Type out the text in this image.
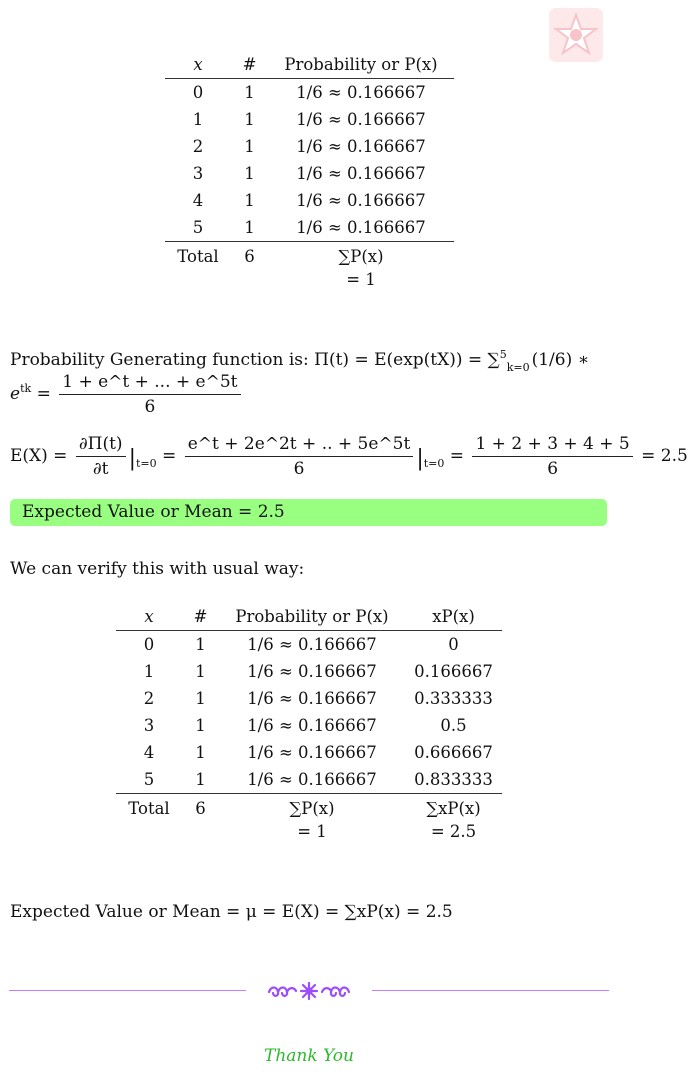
x	#	Probability or P(x)
0	1	1/6 ≈ 0.166667
1	1	1/6 ≈ 0.166667
2	1	1/6 ≈ 0.166667
3	1	1/6 ≈ 0.166667
4	1	1/6 ≈ 0.166667
5	1	1/6 ≈ 0.166667
Total	6	∑P(x)
		= 1
Probability Generating function is: Π(t) = E(exp(tX)) = ∑$^5_{k=0}$ (1/6) ∗
$e^{tk} = \frac{1 + e\^{}t + ... + e\^{}5t}{6}$
$E(X) = \frac{\partial\Pi(t)}{\partial t} |_{t=0} = \frac{e\^{}t + 2e\^{}2t + .. + 5e\^{}5t}{6} |_{t=0} = \frac{1 + 2 + 3 + 4 + 5}{6} = 2.5$
Expected Value or Mean = 2.5
We can verify this with usual way:
x	#	Probability or P(x)	xP(x)
0	1	1/6 ≈ 0.166667	0
1	1	1/6 ≈ 0.166667	0.166667
2	1	1/6 ≈ 0.166667	0.333333
3	1	1/6 ≈ 0.166667	0.5
4	1	1/6 ≈ 0.166667	0.666667
5	1	1/6 ≈ 0.166667	0.833333
Total	6	∑P(x)	∑xP(x)
		= 1	= 2.5
Expected Value or Mean = μ = E(X) = ∑xP(x) = 2.5
Thank You
